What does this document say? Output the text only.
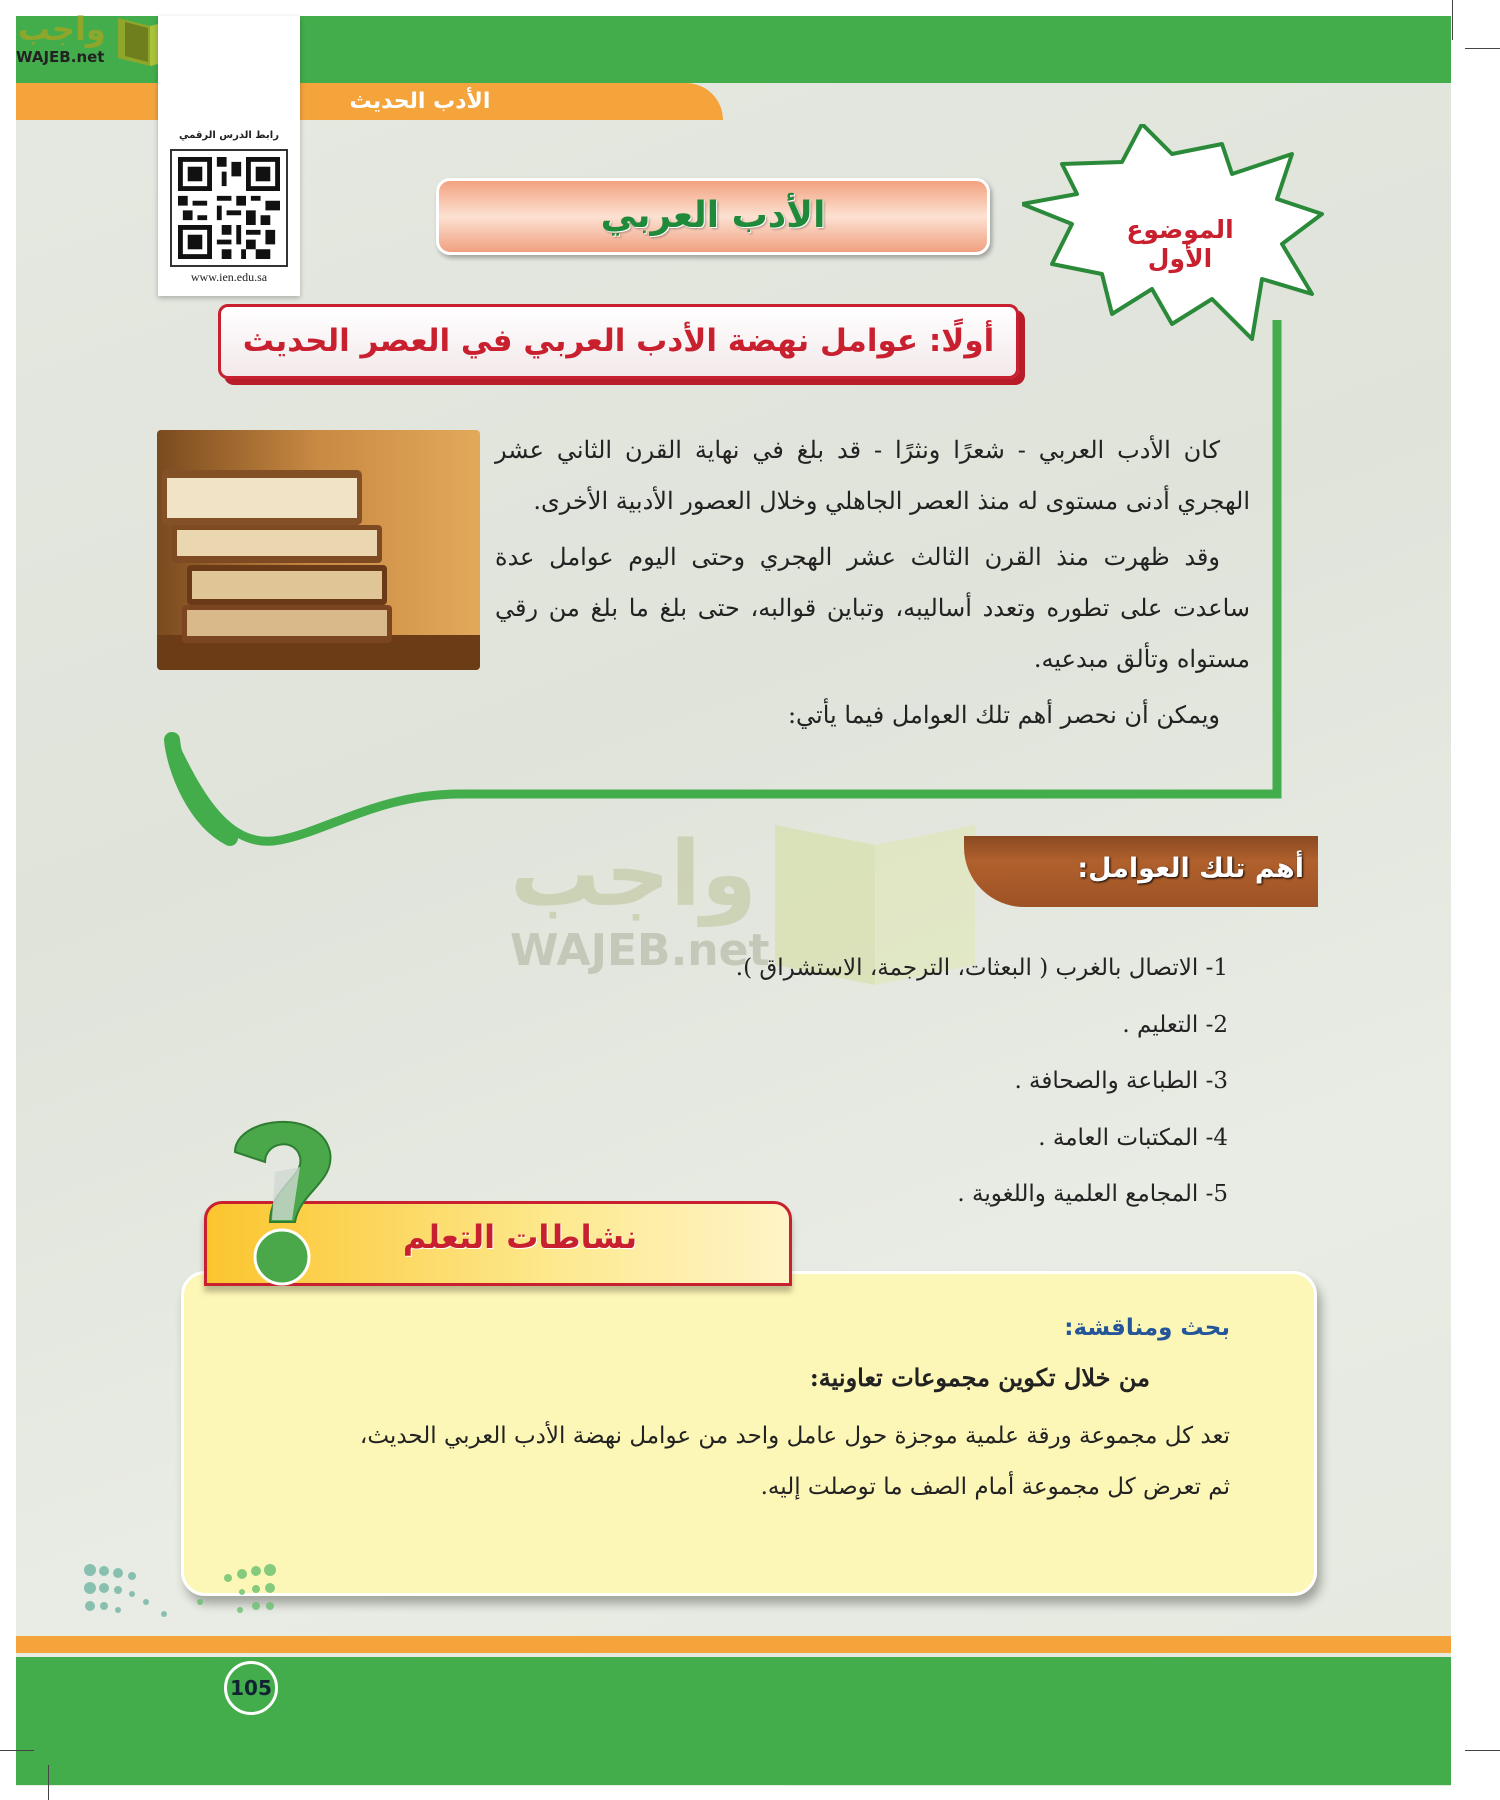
الأدب الحديث
واجب
WAJEB.net
رابط الدرس الرقمي
www.ien.edu.sa
الأدب العربي	الموضوع الأول
أولًا: عوامل نهضة الأدب العربي في العصر الحديث

كان الأدب العربي - شعرًا ونثرًا - قد بلغ في نهاية القرن الثاني عشر الهجري أدنى مستوى له منذ العصر الجاهلي وخلال العصور الأدبية الأخرى.

وقد ظهرت منذ القرن الثالث عشر الهجري وحتى اليوم عوامل عدة ساعدت على تطوره وتعدد أساليبه، وتباين قوالبه، حتى بلغ ما بلغ من رقي مستواه وتألق مبدعيه.

ويمكن أن نحصر أهم تلك العوامل فيما يأتي:

واجب
WAJEB.net
أهم تلك العوامل:
1- الاتصال بالغرب ( البعثات، الترجمة، الاستشراق ).
2- التعليم .
3- الطباعة والصحافة .
4- المكتبات العامة .
5- المجامع العلمية واللغوية .
نشاطات التعلم
بحث ومناقشة:
من خلال تكوين مجموعات تعاونية:
تعد كل مجموعة ورقة علمية موجزة حول عامل واحد من عوامل نهضة الأدب العربي الحديث،
ثم تعرض كل مجموعة أمام الصف ما توصلت إليه.
105
